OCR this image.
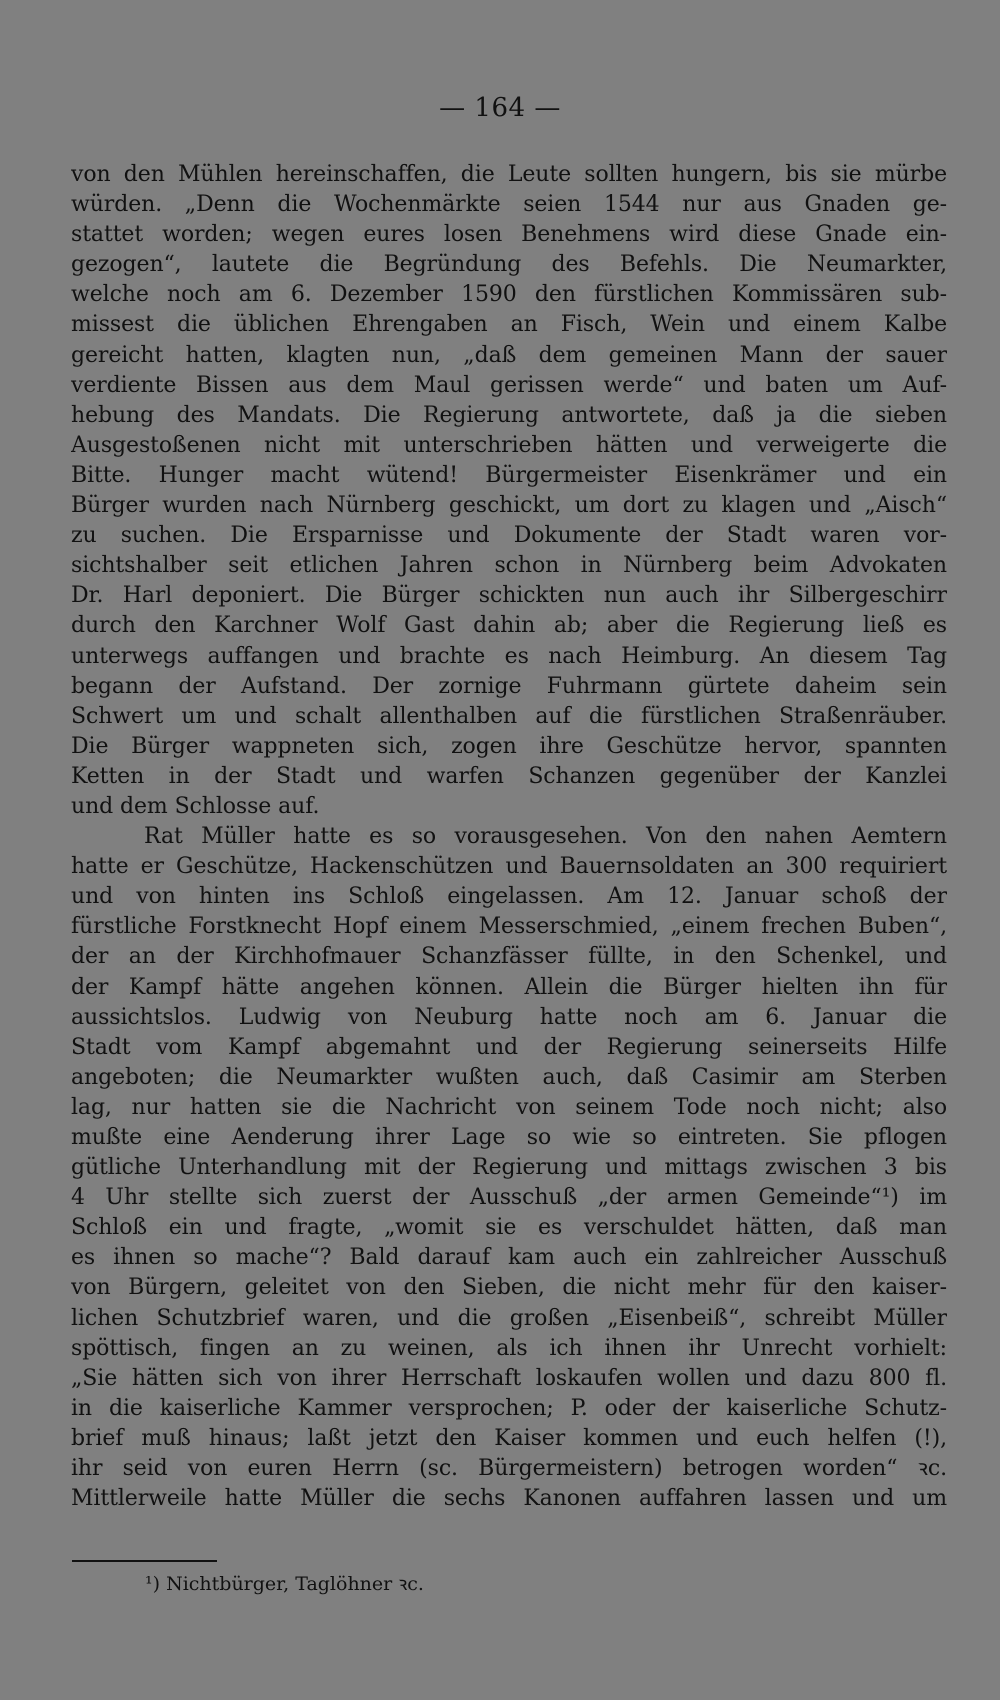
— 164 —
von den Mühlen hereinschaffen, die Leute sollten hungern, bis sie mürbe
würden. „Denn die Wochenmärkte seien 1544 nur aus Gnaden ge-
stattet worden; wegen eures losen Benehmens wird diese Gnade ein-
gezogen“, lautete die Begründung des Befehls. Die Neumarkter,
welche noch am 6. Dezember 1590 den fürstlichen Kommissären sub-
missest die üblichen Ehrengaben an Fisch, Wein und einem Kalbe
gereicht hatten, klagten nun, „daß dem gemeinen Mann der sauer
verdiente Bissen aus dem Maul gerissen werde“ und baten um Auf-
hebung des Mandats. Die Regierung antwortete, daß ja die sieben
Ausgestoßenen nicht mit unterschrieben hätten und verweigerte die
Bitte. Hunger macht wütend! Bürgermeister Eisenkrämer und ein
Bürger wurden nach Nürnberg geschickt, um dort zu klagen und „Aisch“
zu suchen. Die Ersparnisse und Dokumente der Stadt waren vor-
sichtshalber seit etlichen Jahren schon in Nürnberg beim Advokaten
Dr. Harl deponiert. Die Bürger schickten nun auch ihr Silbergeschirr
durch den Karchner Wolf Gast dahin ab; aber die Regierung ließ es
unterwegs auffangen und brachte es nach Heimburg. An diesem Tag
begann der Aufstand. Der zornige Fuhrmann gürtete daheim sein
Schwert um und schalt allenthalben auf die fürstlichen Straßenräuber.
Die Bürger wappneten sich, zogen ihre Geschütze hervor, spannten
Ketten in der Stadt und warfen Schanzen gegenüber der Kanzlei
und dem Schlosse auf.
Rat Müller hatte es so vorausgesehen. Von den nahen Aemtern
hatte er Geschütze, Hackenschützen und Bauernsoldaten an 300 requiriert
und von hinten ins Schloß eingelassen. Am 12. Januar schoß der
fürstliche Forstknecht Hopf einem Messerschmied, „einem frechen Buben“,
der an der Kirchhofmauer Schanzfässer füllte, in den Schenkel, und
der Kampf hätte angehen können. Allein die Bürger hielten ihn für
aussichtslos. Ludwig von Neuburg hatte noch am 6. Januar die
Stadt vom Kampf abgemahnt und der Regierung seinerseits Hilfe
angeboten; die Neumarkter wußten auch, daß Casimir am Sterben
lag, nur hatten sie die Nachricht von seinem Tode noch nicht; also
mußte eine Aenderung ihrer Lage so wie so eintreten. Sie pflogen
gütliche Unterhandlung mit der Regierung und mittags zwischen 3 bis
4 Uhr stellte sich zuerst der Ausschuß „der armen Gemeinde“¹) im
Schloß ein und fragte, „womit sie es verschuldet hätten, daß man
es ihnen so mache“? Bald darauf kam auch ein zahlreicher Ausschuß
von Bürgern, geleitet von den Sieben, die nicht mehr für den kaiser-
lichen Schutzbrief waren, und die großen „Eisenbeiß“, schreibt Müller
spöttisch, fingen an zu weinen, als ich ihnen ihr Unrecht vorhielt:
„Sie hätten sich von ihrer Herrschaft loskaufen wollen und dazu 800 fl.
in die kaiserliche Kammer versprochen; P. oder der kaiserliche Schutz-
brief muß hinaus; laßt jetzt den Kaiser kommen und euch helfen (!),
ihr seid von euren Herrn (sc. Bürgermeistern) betrogen worden“ ꝛc.
Mittlerweile hatte Müller die sechs Kanonen auffahren lassen und um
¹) Nichtbürger, Taglöhner ꝛc.
